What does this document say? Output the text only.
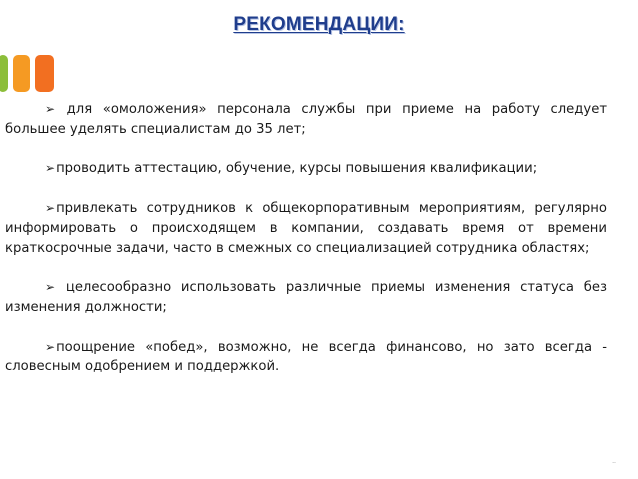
РЕКОМЕНДАЦИИ:

➢ для «омоложения» персонала службы при приеме на работу следует большее уделять специалистам до 35 лет;

➢проводить аттестацию, обучение, курсы повышения квалификации;

➢привлекать сотрудников к общекорпоративным мероприятиям, регулярно информировать о происходящем в компании, создавать время от времени краткосрочные задачи, часто в смежных со специализацией сотрудника областях;

➢ целесообразно использовать различные приемы изменения статуса без изменения должности;

➢поощрение «побед», возможно, не всегда финансово, но зато всегда - словесным одобрением и поддержкой.

..
